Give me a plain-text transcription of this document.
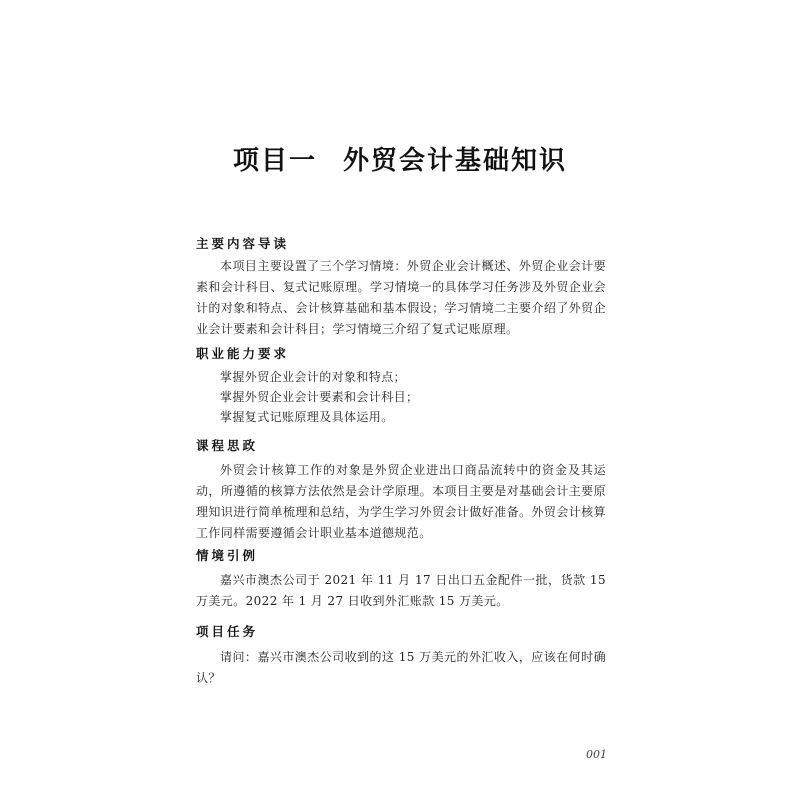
项目一 外贸会计基础知识
主要内容导读
本项目主要设置了三个学习情境：外贸企业会计概述、外贸企业会计要素和会计科目、复式记账原理。学习情境一的具体学习任务涉及外贸企业会计的对象和特点、会计核算基础和基本假设；学习情境二主要介绍了外贸企业会计要素和会计科目；学习情境三介绍了复式记账原理。
职业能力要求
掌握外贸企业会计的对象和特点；
掌握外贸企业会计要素和会计科目；
掌握复式记账原理及具体运用。
课程思政
外贸会计核算工作的对象是外贸企业进出口商品流转中的资金及其运动，所遵循的核算方法依然是会计学原理。本项目主要是对基础会计主要原理知识进行简单梳理和总结，为学生学习外贸会计做好准备。外贸会计核算工作同样需要遵循会计职业基本道德规范。
情境引例
嘉兴市澳杰公司于 2021 年 11 月 17 日出口五金配件一批，货款 15 万美元。2022 年 1 月 27 日收到外汇账款 15 万美元。
项目任务
请问：嘉兴市澳杰公司收到的这 15 万美元的外汇收入，应该在何时确认？
001
